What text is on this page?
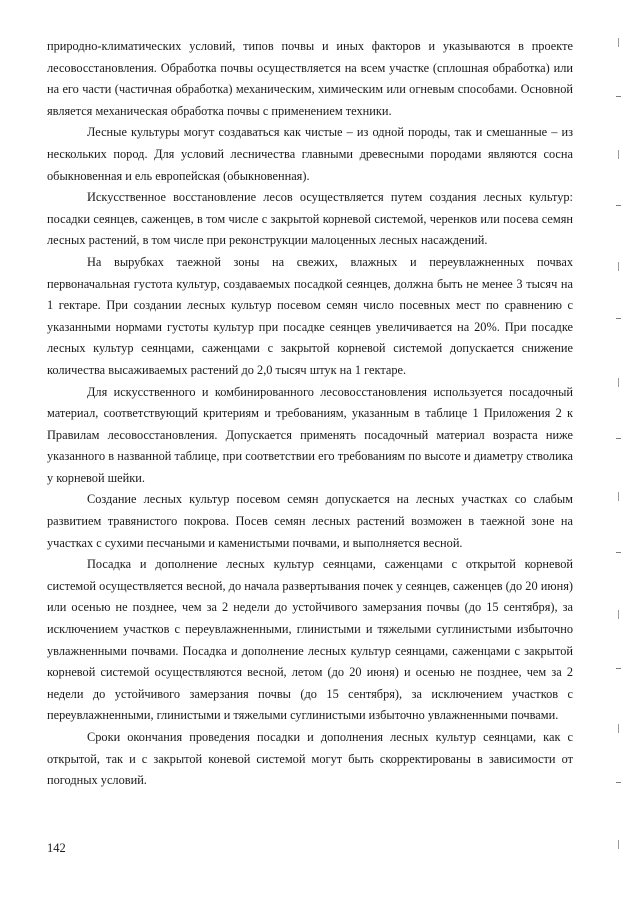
природно-климатических условий, типов почвы и иных факторов и указываются в проекте лесовосстановления. Обработка почвы осуществляется на всем участке (сплошная обработка) или на его части (частичная обработка) механическим, химическим или огневым способами. Основной является механическая обработка почвы с применением техники.

Лесные культуры могут создаваться как чистые – из одной породы, так и смешанные – из нескольких пород. Для условий лесничества главными древесными породами являются сосна обыкновенная и ель европейская (обыкновенная).

Искусственное восстановление лесов осуществляется путем создания лесных культур: посадки сеянцев, саженцев, в том числе с закрытой корневой системой, черенков или посева семян лесных растений, в том числе при реконструкции малоценных лесных насаждений.

На вырубках таежной зоны на свежих, влажных и переувлажненных почвах первоначальная густота культур, создаваемых посадкой сеянцев, должна быть не менее 3 тысяч на 1 гектаре. При создании лесных культур посевом семян число посевных мест по сравнению с указанными нормами густоты культур при посадке сеянцев увеличивается на 20%. При посадке лесных культур сеянцами, саженцами с закрытой корневой системой допускается снижение количества высаживаемых растений до 2,0 тысяч штук на 1 гектаре.

Для искусственного и комбинированного лесовосстановления используется посадочный материал, соответствующий критериям и требованиям, указанным в таблице 1 Приложения 2 к Правилам лесовосстановления. Допускается применять посадочный материал возраста ниже указанного в названной таблице, при соответствии его требованиям по высоте и диаметру стволика у корневой шейки.

Создание лесных культур посевом семян допускается на лесных участках со слабым развитием травянистого покрова. Посев семян лесных растений возможен в таежной зоне на участках с сухими песчаными и каменистыми почвами, и выполняется весной.

Посадка и дополнение лесных культур сеянцами, саженцами с открытой корневой системой осуществляется весной, до начала развертывания почек у сеянцев, саженцев (до 20 июня) или осенью не позднее, чем за 2 недели до устойчивого замерзания почвы (до 15 сентября), за исключением участков с переувлажненными, глинистыми и тяжелыми суглинистыми избыточно увлажненными почвами. Посадка и дополнение лесных культур сеянцами, саженцами с закрытой корневой системой осуществляются весной, летом (до 20 июня) и осенью не позднее, чем за 2 недели до устойчивого замерзания почвы (до 15 сентября), за исключением участков с переувлажненными, глинистыми и тяжелыми суглинистыми избыточно увлажненными почвами.

Сроки окончания проведения посадки и дополнения лесных культур сеянцами, как с открытой, так и с закрытой коневой системой могут быть скорректированы в зависимости от погодных условий.

142
